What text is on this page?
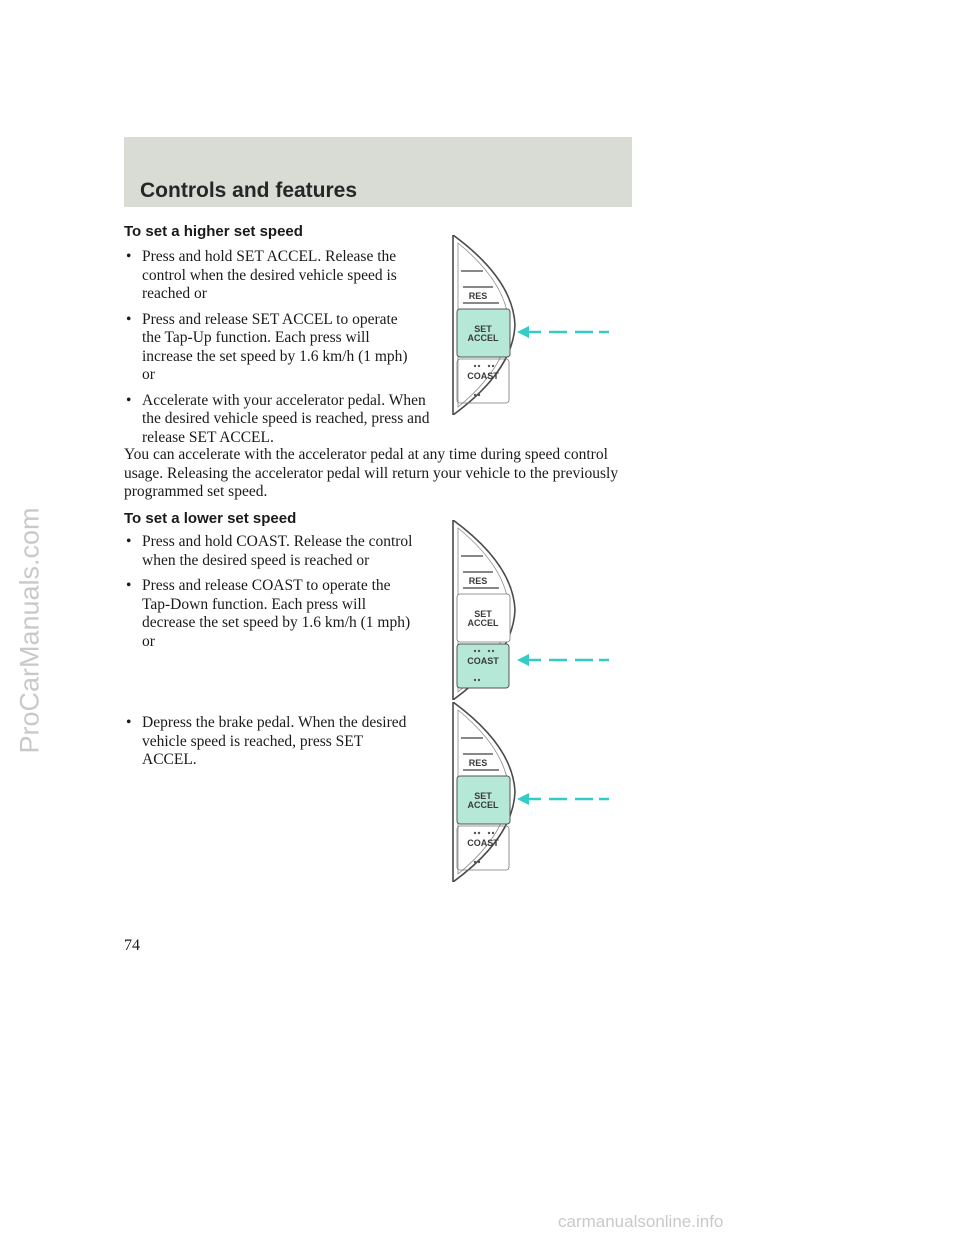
Controls and features
ProCarManuals.com
To set a higher set speed
• Press and hold SET ACCEL. Release the control when the desired vehicle speed is reached or
• Press and release SET ACCEL to operate the Tap-Up function. Each press will increase the set speed by 1.6 km/h (1 mph) or
• Accelerate with your accelerator pedal. When the desired vehicle speed is reached, press and release SET ACCEL.

You can accelerate with the accelerator pedal at any time during speed control usage. Releasing the accelerator pedal will return your vehicle to the previously programmed set speed.

To set a lower set speed
• Press and hold COAST. Release the control when the desired speed is reached or
• Press and release COAST to operate the Tap-Down function. Each press will decrease the set speed by 1.6 km/h (1 mph) or
• Depress the brake pedal. When the desired vehicle speed is reached, press SET ACCEL.
RES
SET
ACCEL
COAST
RES
SET
ACCEL
COAST
RES
SET
ACCEL
COAST
74
carmanualsonline.info
